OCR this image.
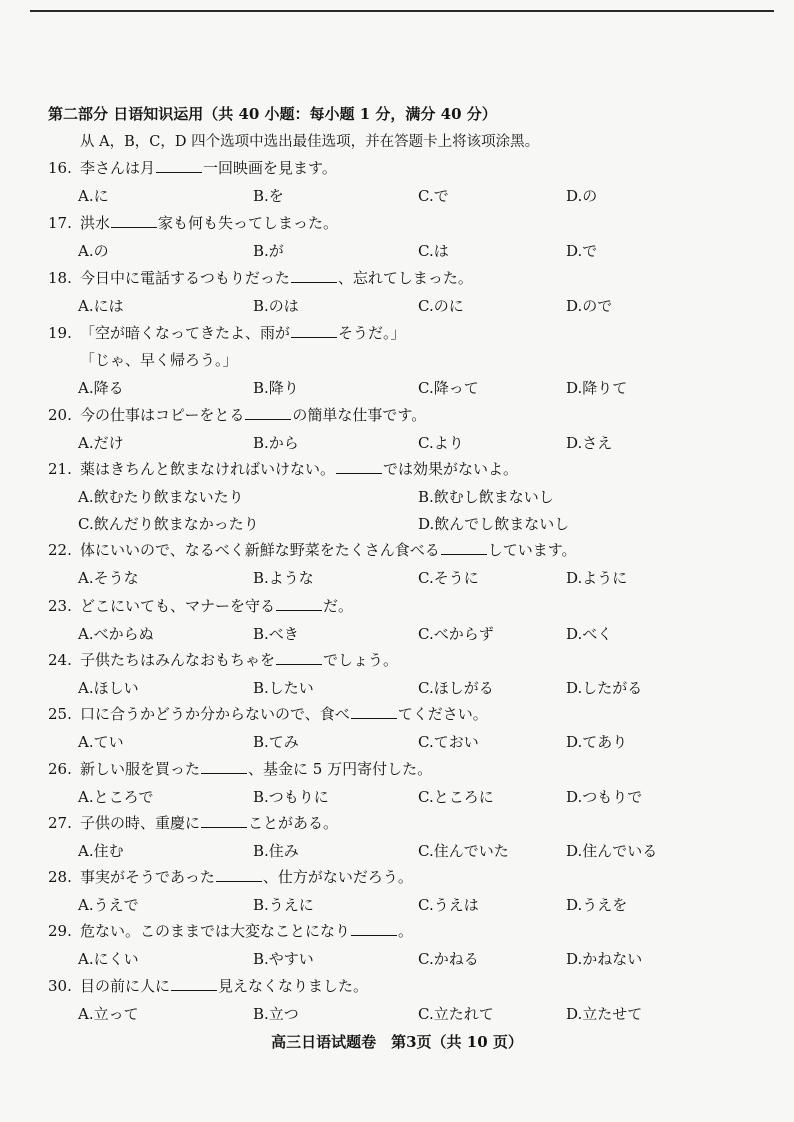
第二部分 日语知识运用（共 40 小题：每小题 1 分，满分 40 分）
从 A，B，C，D 四个选项中选出最佳选项，并在答题卡上将该项涂黑。
16. 李さんは月	一回映画を見ます。
A.に	B.を	C.で	D.の
17. 洪水	家も何も失ってしまった。
A.の	B.が	C.は	D.で
18. 今日中に電話するつもりだった	、忘れてしまった。
A.には	B.のは	C.のに	D.ので
19. 「空が暗くなってきたよ、雨が	そうだ。」
「じゃ、早く帰ろう。」
A.降る	B.降り	C.降って	D.降りて
20. 今の仕事はコピーをとる	の簡単な仕事です。
A.だけ	B.から	C.より	D.さえ
21. 薬はきちんと飲まなければいけない。	では効果がないよ。
A.飲むたり飲まないたり	B.飲むし飲まないし
C.飲んだり飲まなかったり	D.飲んでし飲まないし
22. 体にいいので、なるべく新鮮な野菜をたくさん食べる	しています。
A.そうな	B.ような	C.そうに	D.ように
23. どこにいても、マナーを守る	だ。
A.べからぬ	B.べき	C.べからず	D.べく
24. 子供たちはみんなおもちゃを	でしょう。
A.ほしい	B.したい	C.ほしがる	D.したがる
25. 口に合うかどうか分からないので、食べ	てください。
A.てい	B.てみ	C.ておい	D.てあり
26. 新しい服を買った	、基金に 5 万円寄付した。
A.ところで	B.つもりに	C.ところに	D.つもりで
27. 子供の時、重慶に	ことがある。
A.住む	B.住み	C.住んでいた	D.住んでいる
28. 事実がそうであった	、仕方がないだろう。
A.うえで	B.うえに	C.うえは	D.うえを
29. 危ない。このままでは大変なことになり	。
A.にくい	B.やすい	C.かねる	D.かねない
30. 目の前に人に	見えなくなりました。
A.立って	B.立つ	C.立たれて	D.立たせて
高三日语试题卷　第3页（共 10 页）
